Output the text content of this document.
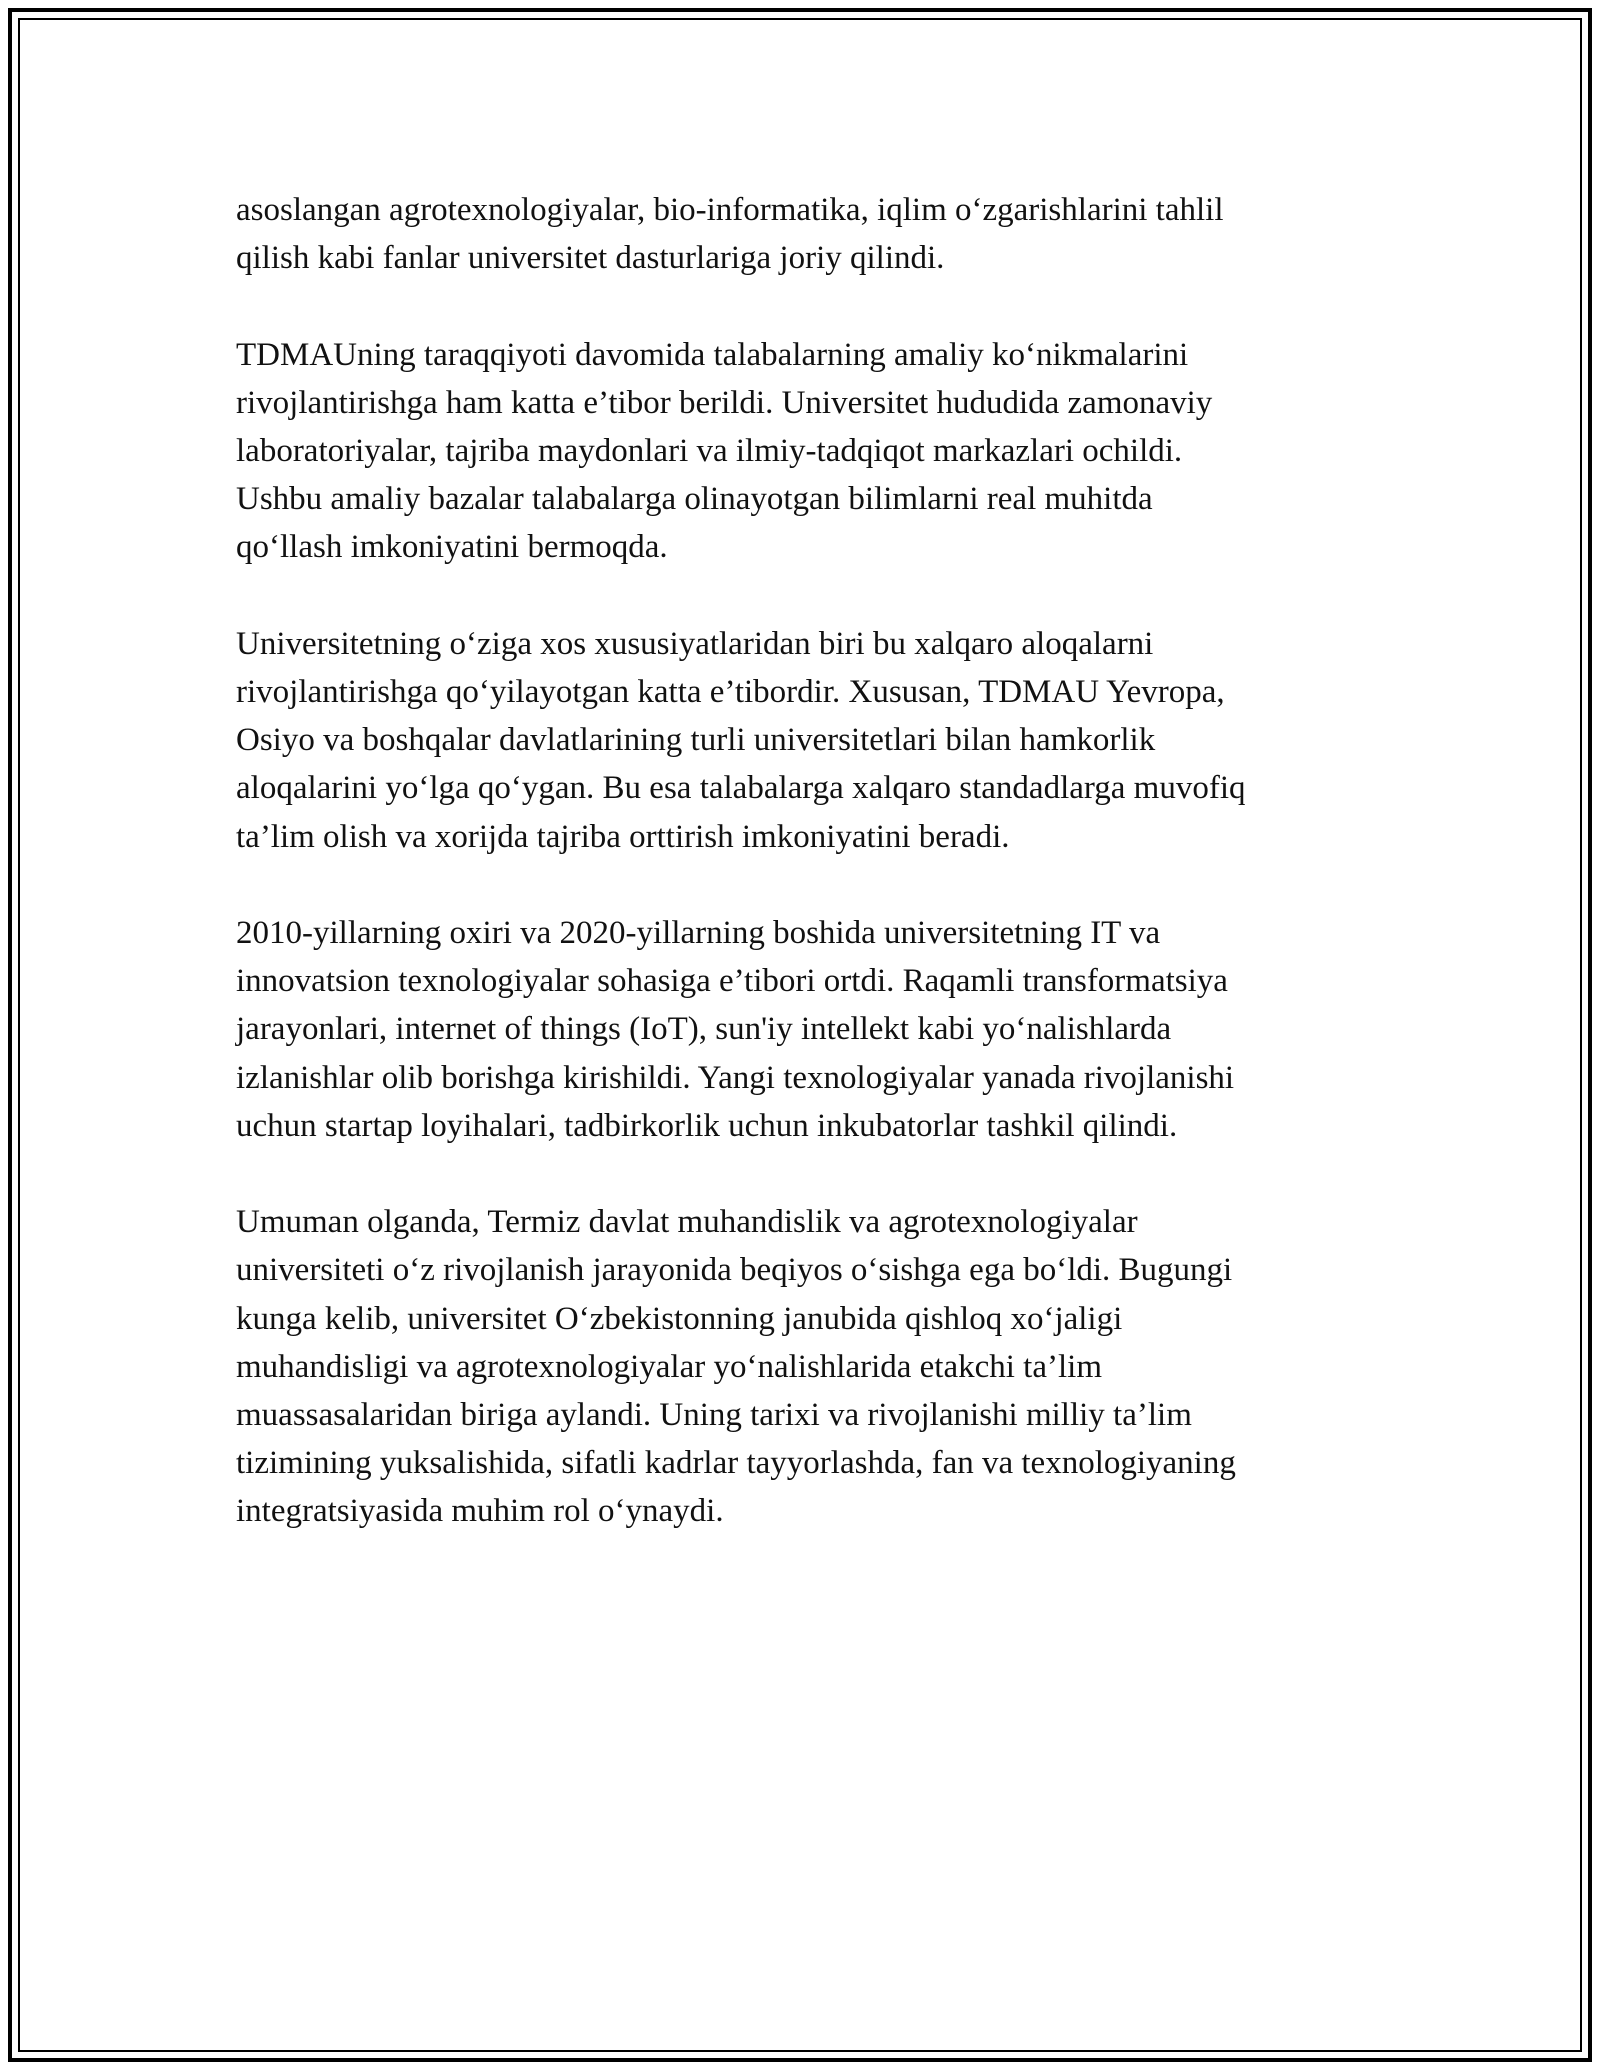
asoslangan agrotexnologiyalar, bio-informatika, iqlim oʻzgarishlarini tahlil
qilish kabi fanlar universitet dasturlariga joriy qilindi.

TDMAUning taraqqiyoti davomida talabalarning amaliy koʻnikmalarini
rivojlantirishga ham katta e’tibor berildi. Universitet hududida zamonaviy
laboratoriyalar, tajriba maydonlari va ilmiy-tadqiqot markazlari ochildi.
Ushbu amaliy bazalar talabalarga olinayotgan bilimlarni real muhitda
qoʻllash imkoniyatini bermoqda.

Universitetning oʻziga xos xususiyatlaridan biri bu xalqaro aloqalarni
rivojlantirishga qoʻyilayotgan katta e’tibordir. Xususan, TDMAU Yevropa,
Osiyo va boshqalar davlatlarining turli universitetlari bilan hamkorlik
aloqalarini yoʻlga qoʻygan. Bu esa talabalarga xalqaro standadlarga muvofiq
ta’lim olish va xorijda tajriba orttirish imkoniyatini beradi.

2010-yillarning oxiri va 2020-yillarning boshida universitetning IT va
innovatsion texnologiyalar sohasiga e’tibori ortdi. Raqamli transformatsiya
jarayonlari, internet of things (IoT), sun'iy intellekt kabi yoʻnalishlarda
izlanishlar olib borishga kirishildi. Yangi texnologiyalar yanada rivojlanishi
uchun startap loyihalari, tadbirkorlik uchun inkubatorlar tashkil qilindi.

Umuman olganda, Termiz davlat muhandislik va agrotexnologiyalar
universiteti oʻz rivojlanish jarayonida beqiyos oʻsishga ega boʻldi. Bugungi
kunga kelib, universitet Oʻzbekistonning janubida qishloq xoʻjaligi
muhandisligi va agrotexnologiyalar yoʻnalishlarida etakchi ta’lim
muassasalaridan biriga aylandi. Uning tarixi va rivojlanishi milliy ta’lim
tizimining yuksalishida, sifatli kadrlar tayyorlashda, fan va texnologiyaning
integratsiyasida muhim rol oʻynaydi.
